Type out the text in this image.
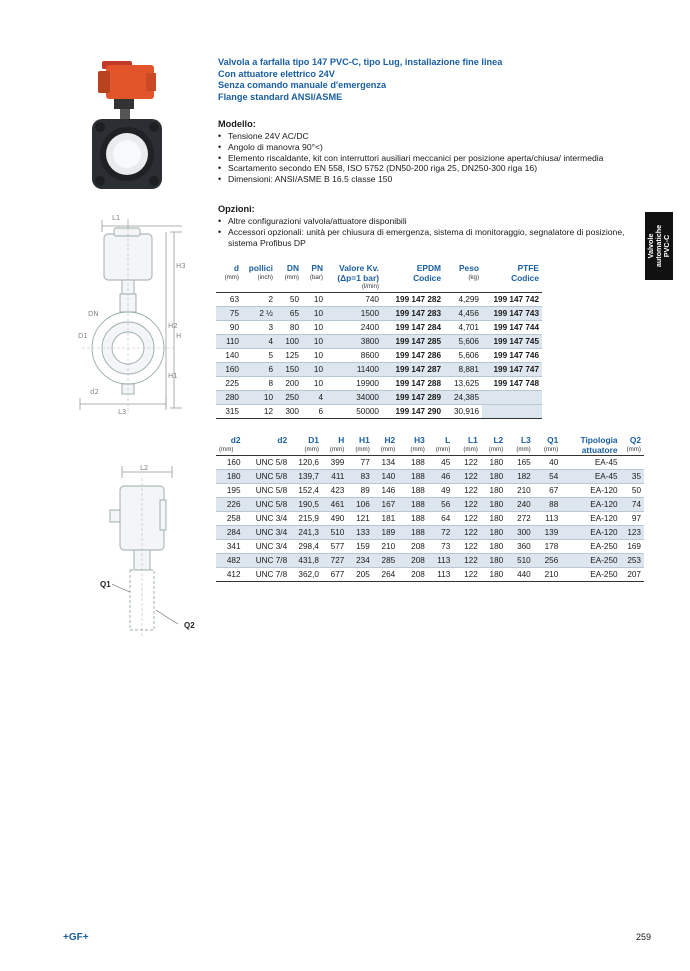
L1
H3
H
H2
H1
D1
DN
d2
L3
L2
Q1
Q2
Valvola a farfalla tipo 147 PVC-C, tipo Lug, installazione fine linea
Con attuatore elettrico 24V
Senza comando manuale d'emergenza
Flange standard ANSI/ASME
Modello:
• Tensione 24V AC/DC
• Angolo di manovra 90°<)
• Elemento riscaldante, kit con interruttori ausiliari meccanici per posizione aperta/chiusa/ intermedia
• Scartamento secondo EN 558, ISO 5752 (DN50-200 riga 25, DN250-300 riga 16)
• Dimensioni: ANSI/ASME B 16.5 classe 150
Opzioni:
• Altre configurazioni valvola/attuatore disponibili
• Accessori opzionali: unità per chiusura di emergenza, sistema di monitoraggio, segnalatore di posizione, sistema Profibus DP	Valvole automatiche PVC-C
d	pollici	DN	PN	Valore Kv.	EPDM	Peso	PTFE
(mm)	(inch)	(mm)	(bar)	(Δp=1 bar)	Codice	(kg)	Codice
				(l/min)			
63	2	50	10	740	199 147 282	4,299	199 147 742
75	2 ½	65	10	1500	199 147 283	4,456	199 147 743
90	3	80	10	2400	199 147 284	4,701	199 147 744
110	4	100	10	3800	199 147 285	5,606	199 147 745
140	5	125	10	8600	199 147 286	5,606	199 147 746
160	6	150	10	11400	199 147 287	8,881	199 147 747
225	8	200	10	19900	199 147 288	13,625	199 147 748
280	10	250	4	34000	199 147 289	24,385	
315	12	300	6	50000	199 147 290	30,916	
d2	d2	D1	H	H1	H2	H3	L	L1	L2	L3	Q1	Tipologia	Q2
(mm)		(mm)	(mm)	(mm)	(mm)	(mm)	(mm)	(mm)	(mm)	(mm)	(mm)	attuatore	(mm)
160	UNC 5/8	120,6	399	77	134	188	45	122	180	165	40	EA-45	
180	UNC 5/8	139,7	411	83	140	188	46	122	180	182	54	EA-45	35
195	UNC 5/8	152,4	423	89	146	188	49	122	180	210	67	EA-120	50
226	UNC 5/8	190,5	461	106	167	188	56	122	180	240	88	EA-120	74
258	UNC 3/4	215,9	490	121	181	188	64	122	180	272	113	EA-120	97
284	UNC 3/4	241,3	510	133	189	188	72	122	180	300	139	EA-120	123
341	UNC 3/4	298,4	577	159	210	208	73	122	180	360	178	EA-250	169
482	UNC 7/8	431,8	727	234	285	208	113	122	180	510	256	EA-250	253
412	UNC 7/8	362,0	677	205	264	208	113	122	180	440	210	EA-250	207
+GF+	259
